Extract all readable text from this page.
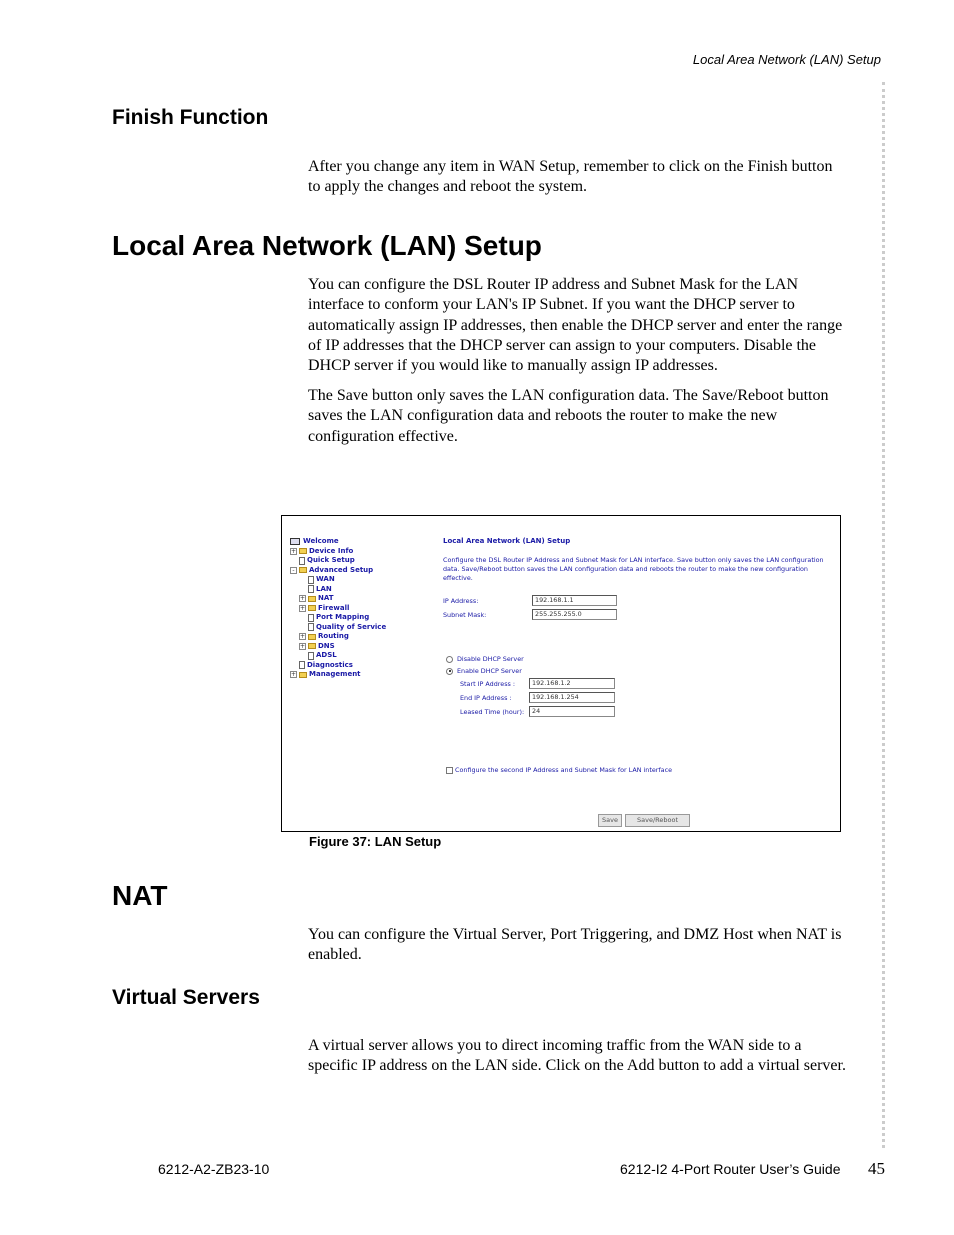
Local Area Network (LAN) Setup
Finish Function

After you change any item in WAN Setup, remember to click on the Finish button to apply the changes and reboot the system.

Local Area Network (LAN) Setup

You can configure the DSL Router IP address and Subnet Mask for the LAN interface to conform your LAN's IP Subnet. If you want the DHCP server to automatically assign IP addresses, then enable the DHCP server and enter the range of IP addresses that the DHCP server can assign to your computers. Disable the DHCP server if you would like to manually assign IP addresses.

The Save button only saves the LAN configuration data. The Save/Reboot button saves the LAN configuration data and reboots the router to make the new configuration effective.

Welcome
+ Device Info
Quick Setup
-	Advanced Setup
WAN
LAN
+ NAT
+ Firewall
Port Mapping
Quality of Service
+ Routing
+ DNS
ADSL
Diagnostics
+ Management
Local Area Network (LAN) Setup
Configure the DSL Router IP Address and Subnet Mask for LAN interface. Save button only saves the LAN configuration data. Save/Reboot button saves the LAN configuration data and reboots the router to make the new configuration effective.
IP Address:	192.168.1.1
Subnet Mask:	255.255.255.0
Disable DHCP Server
Enable DHCP Server
Start IP Address :	192.168.1.2
End IP Address :	192.168.1.254
Leased Time (hour):	24
Configure the second IP Address and Subnet Mask for LAN interface
Save	Save/Reboot
Figure 37: LAN Setup
NAT

You can configure the Virtual Server, Port Triggering, and DMZ Host when NAT is enabled.

Virtual Servers

A virtual server allows you to direct incoming traffic from the WAN side to a specific IP address on the LAN side. Click on the Add button to add a virtual server.

6212-A2-ZB23-10	6212-I2 4-Port Router User’s Guide 45
